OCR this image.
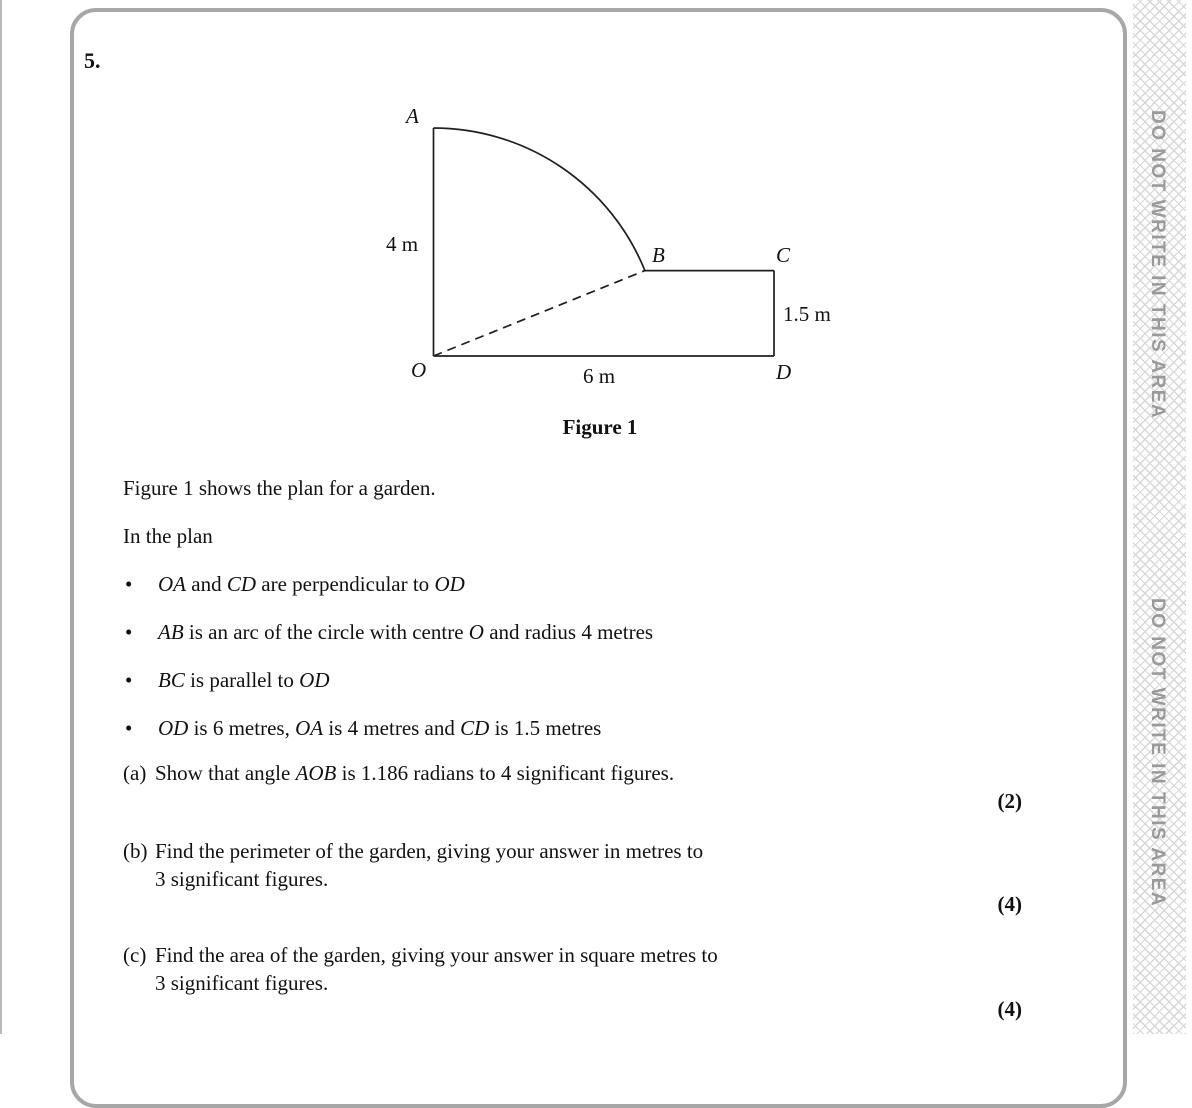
DO NOT WRITE IN THIS AREA
DO NOT WRITE IN THIS AREA
5.
A
4 m	B	C
1.5 m
O	6 m	D
Figure 1
Figure 1 shows the plan for a garden.
In the plan
• OA and CD are perpendicular to OD
• AB is an arc of the circle with centre O and radius 4 metres
• BC is parallel to OD
• OD is 6 metres, OA is 4 metres and CD is 1.5 metres
(a) Show that angle AOB is 1.186 radians to 4 significant figures.
(2)
(b) Find the perimeter of the garden, giving your answer in metres to
3 significant figures.
(4)
(c) Find the area of the garden, giving your answer in square metres to
3 significant figures.
(4)
